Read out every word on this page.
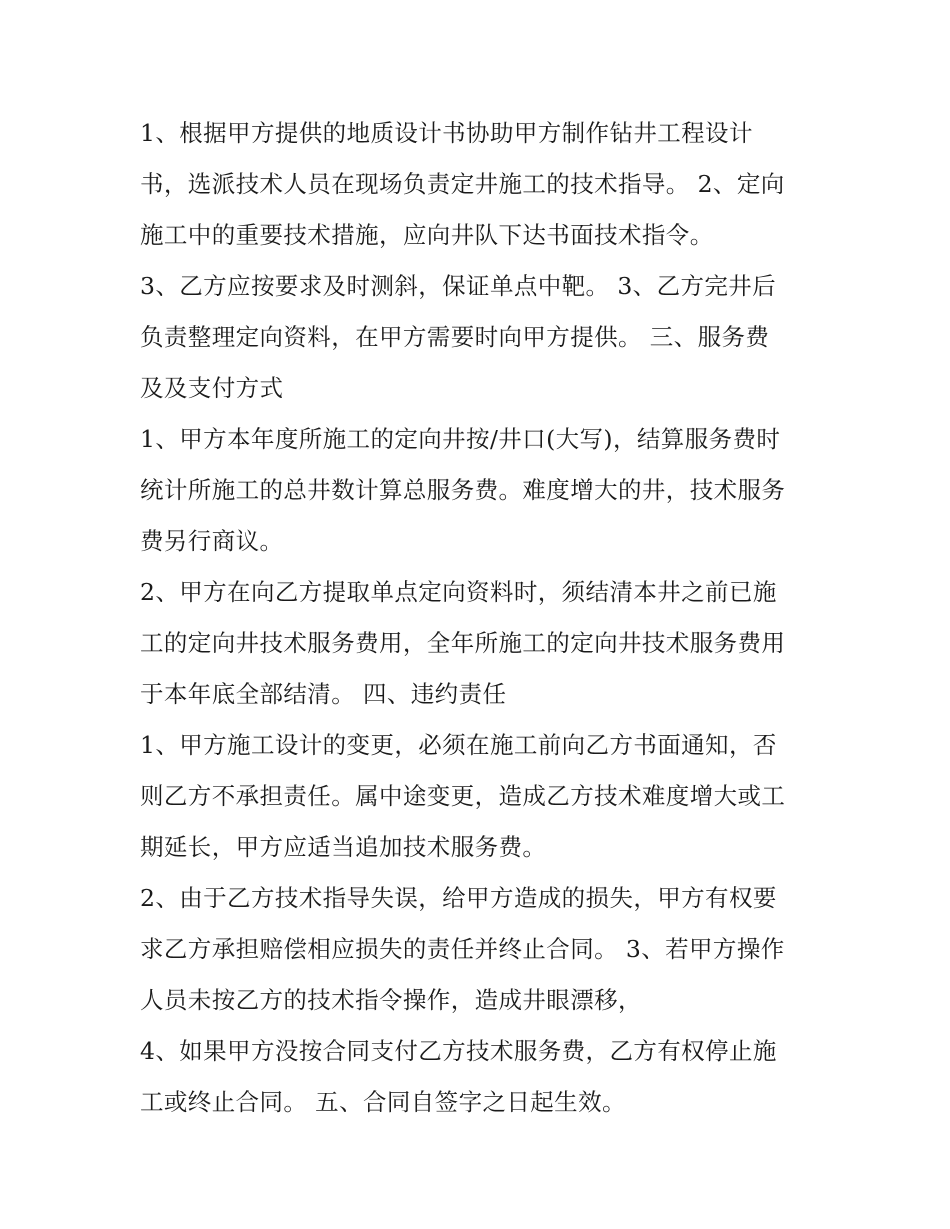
1、根据甲方提供的地质设计书协助甲方制作钻井工程设计
书，选派技术人员在现场负责定井施工的技术指导。 2、定向
施工中的重要技术措施，应向井队下达书面技术指令。
3、乙方应按要求及时测斜，保证单点中靶。 3、乙方完井后
负责整理定向资料，在甲方需要时向甲方提供。 三、服务费
及及支付方式
1、甲方本年度所施工的定向井按/井口(大写)，结算服务费时
统计所施工的总井数计算总服务费。难度增大的井，技术服务
费另行商议。
2、甲方在向乙方提取单点定向资料时，须结清本井之前已施
工的定向井技术服务费用，全年所施工的定向井技术服务费用
于本年底全部结清。 四、违约责任
1、甲方施工设计的变更，必须在施工前向乙方书面通知，否
则乙方不承担责任。属中途变更，造成乙方技术难度增大或工
期延长，甲方应适当追加技术服务费。
2、由于乙方技术指导失误，给甲方造成的损失，甲方有权要
求乙方承担赔偿相应损失的责任并终止合同。 3、若甲方操作
人员未按乙方的技术指令操作，造成井眼漂移，
4、如果甲方没按合同支付乙方技术服务费，乙方有权停止施
工或终止合同。 五、合同自签字之日起生效。
